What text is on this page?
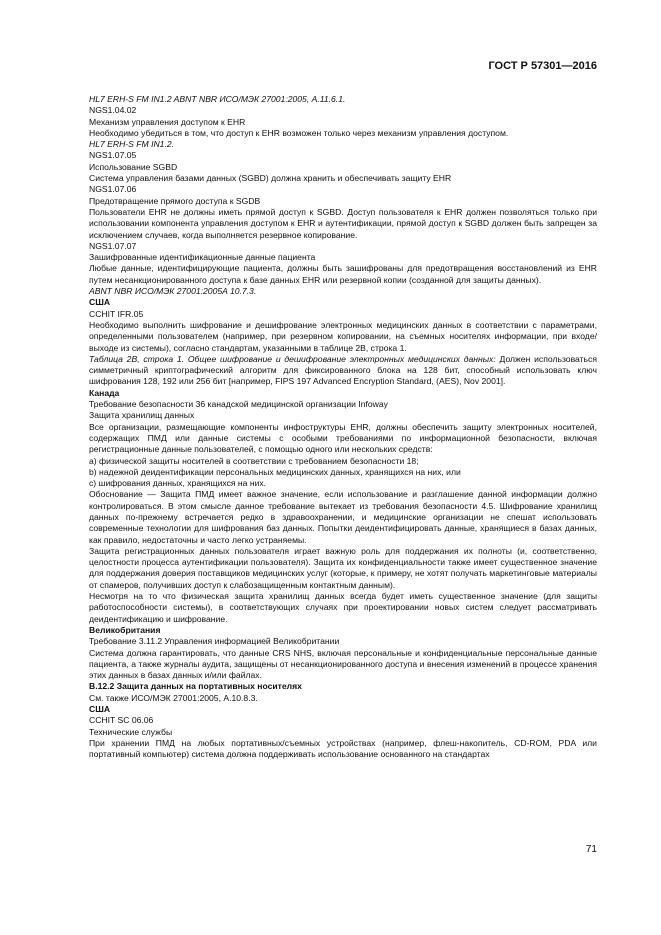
ГОСТ Р 57301—2016

HL7 ERH-S FM IN1.2 ABNT NBR ИСО/МЭК 27001:2005, A.11.6.1.

NGS1.04.02

Механизм управления доступом к EHR

Необходимо убедиться в том, что доступ к EHR возможен только через механизм управления доступом.

HL7 ERH-S FM IN1.2.

NGS1.07.05

Использование SGBD

Система управления базами данных (SGBD) должна хранить и обеспечивать защиту EHR

NGS1.07.06

Предотвращение прямого доступа к SGDB

Пользователи EHR не должны иметь прямой доступ к SGBD. Доступ пользователя к EHR должен позволяться только при использовании компонента управления доступом к EHR и аутентификации, прямой доступ к SGBD должен быть запрещен за исключением случаев, когда выполняется резервное копирование.

NGS1.07.07

Зашифрованные идентификационные данные пациента

Любые данные, идентифицирующие пациента, должны быть зашифрованы для предотвращения восстановлений из EHR путем несанкционированного доступа к базе данных EHR или резервной копии (созданной для защиты данных).

ABNT NBR ИСО/МЭК 27001:2005A 10.7.3.

США

CCHIT IFR.05

Необходимо выполнить шифрование и дешифрование электронных медицинских данных в соответствии с параметрами, определенными пользователем (например, при резервном копировании, на съемных носителях информации, при входе/выходе из системы), согласно стандартам, указанными в таблице 2B, строка 1.

Таблица 2B, строка 1. Общее шифрование и дешифрование электронных медицинских данных: Должен использоваться симметричный криптографический алгоритм для фиксированного блока на 128 бит, способный использовать ключ шифрования 128, 192 или 256 бит [например, FIPS 197 Advanced Encryption Standard, (AES), Nov 2001].

Канада

Требование безопасности 36 канадской медицинской организации Infoway

Защита хранилищ данных

Все организации, размещающие компоненты инфоструктуры EHR, должны обеспечить защиту электронных носителей, содержащих ПМД или данные системы с особыми требованиями по информационной безопасности, включая регистрационные данные пользователей, с помощью одного или нескольких средств:

а) физической защиты носителей в соответствии с требованием безопасности 18;

b) надежной деидентификации персональных медицинских данных, хранящихся на них, или

с) шифрования данных, хранящихся на них.

Обоснование — Защита ПМД имеет важное значение, если использование и разглашение данной информации должно контролироваться. В этом смысле данное требование вытекает из требования безопасности 4.5. Шифрование хранилищ данных по-прежнему встречается редко в здравоохранении, и медицинские организации не спешат использовать современные технологии для шифрования баз данных. Попытки деидентифицировать данные, хранящиеся в базах данных, как правило, недостаточны и часто легко устраняемы.

Защита регистрационных данных пользователя играет важную роль для поддержания их полноты (и, соответственно, целостности процесса аутентификации пользователя). Защита их конфиденциальности также имеет существенное значение для поддержания доверия поставщиков медицинских услуг (которые, к примеру, не хотят получать маркетинговые материалы от спамеров, получивших доступ к слабозащищенным контактным данным).

Несмотря на то что физическая защита хранилищ данных всегда будет иметь существенное значение (для защиты работоспособности системы), в соответствующих случаях при проектировании новых систем следует рассматривать деидентификацию и шифрование.

Великобритания

Требование 3.11.2 Управления информацией Великобритании

Система должна гарантировать, что данные CRS NHS, включая персональные и конфиденциальные персональные данные пациента, а также журналы аудита, защищены от несанкционированного доступа и внесения изменений в процессе хранения этих данных в базах данных и/или файлах.

В.12.2 Защита данных на портативных носителях

См. также ИСО/МЭК 27001:2005, A.10.8.3.

США

CCHIT SC 06.06

Технические службы

При хранении ПМД на любых портативных/съемных устройствах (например, флеш-накопитель, CD-ROM, PDA или портативный компьютер) система должна поддерживать использование основанного на стандартах

71
